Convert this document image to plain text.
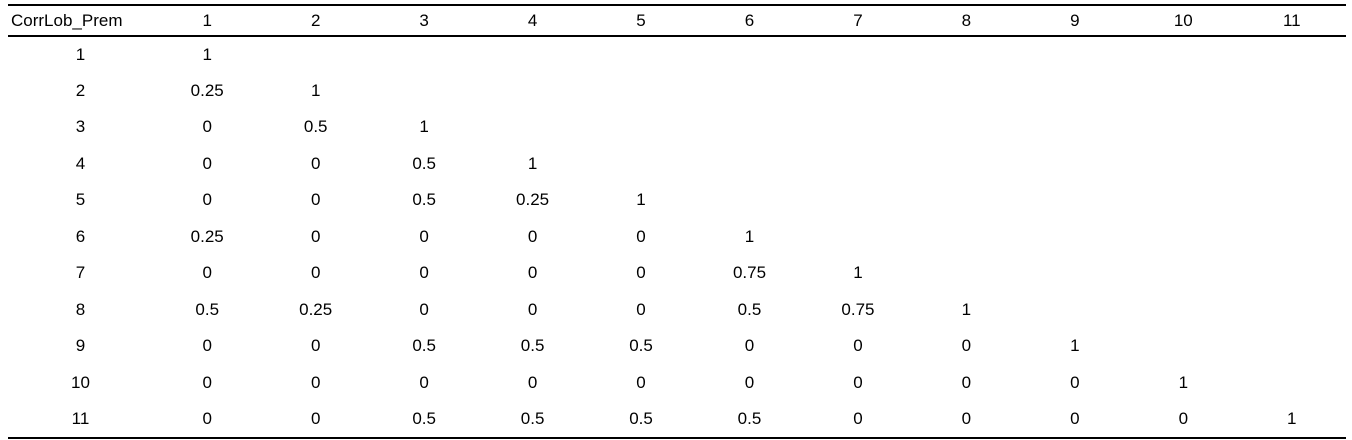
CorrLob_Prem	1	2	3	4	5	6	7	8	9	10	11
1	1										
2	0.25	1									
3	0	0.5	1								
4	0	0	0.5	1							
5	0	0	0.5	0.25	1						
6	0.25	0	0	0	0	1					
7	0	0	0	0	0	0.75	1				
8	0.5	0.25	0	0	0	0.5	0.75	1			
9	0	0	0.5	0.5	0.5	0	0	0	1		
10	0	0	0	0	0	0	0	0	0	1	
11	0	0	0.5	0.5	0.5	0.5	0	0	0	0	1
